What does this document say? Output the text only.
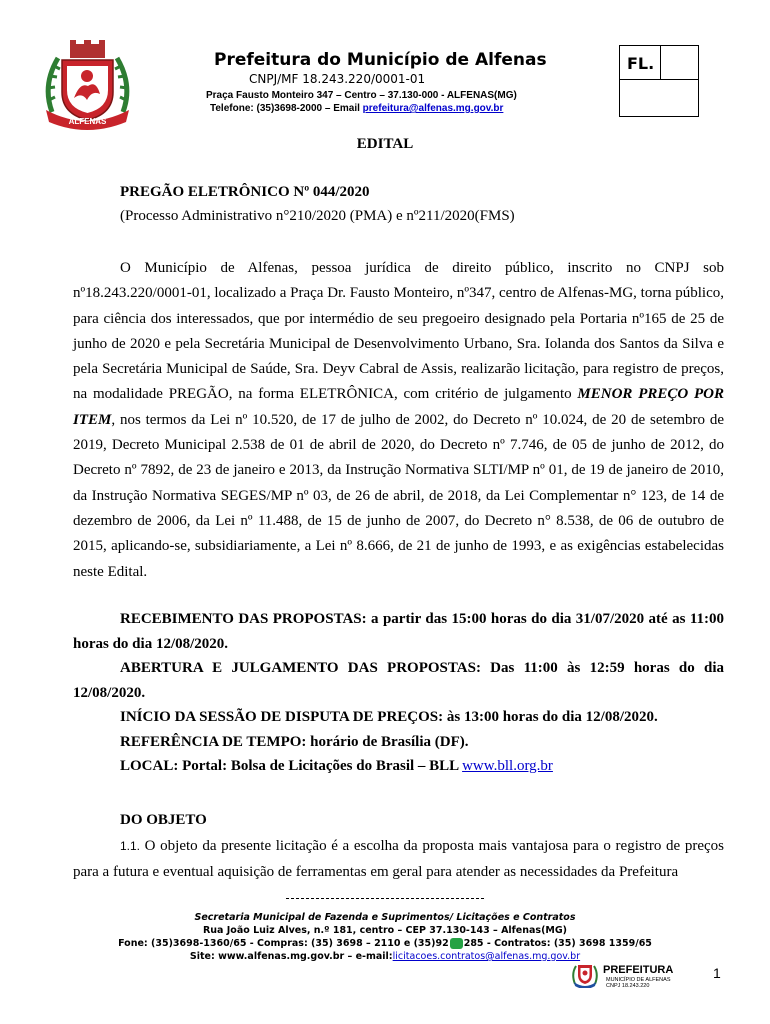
ALFENAS
Prefeitura do Município de Alfenas
CNPJ/MF 18.243.220/0001-01
Praça Fausto Monteiro 347 – Centro – 37.130-000 - ALFENAS(MG)
Telefone: (35)3698-2000 – Email prefeitura@alfenas.mg.gov.br
FL.
EDITAL
PREGÃO ELETRÔNICO Nº 044/2020
(Processo Administrativo n°210/2020 (PMA) e nº211/2020(FMS)

O Município de Alfenas, pessoa jurídica de direito público, inscrito no CNPJ sob nº18.243.220/0001-01, localizado a Praça Dr. Fausto Monteiro, nº347, centro de Alfenas-MG, torna público, para ciência dos interessados, que por intermédio de seu pregoeiro designado pela Portaria nº165 de 25 de junho de 2020 e pela Secretária Municipal de Desenvolvimento Urbano, Sra. Iolanda dos Santos da Silva e pela Secretária Municipal de Saúde, Sra. Deyv Cabral de Assis, realizarão licitação, para registro de preços, na modalidade PREGÃO, na forma ELETRÔNICA, com critério de julgamento MENOR PREÇO POR ITEM, nos termos da Lei nº 10.520, de 17 de julho de 2002, do Decreto nº 10.024, de 20 de setembro de 2019, Decreto Municipal 2.538 de 01 de abril de 2020, do Decreto nº 7.746, de 05 de junho de 2012, do Decreto nº 7892, de 23 de janeiro e 2013, da Instrução Normativa SLTI/MP nº 01, de 19 de janeiro de 2010, da Instrução Normativa SEGES/MP nº 03, de 26 de abril, de 2018, da Lei Complementar n° 123, de 14 de dezembro de 2006, da Lei nº 11.488, de 15 de junho de 2007, do Decreto n° 8.538, de 06 de outubro de 2015, aplicando-se, subsidiariamente, a Lei nº 8.666, de 21 de junho de 1993, e as exigências estabelecidas neste Edital.

RECEBIMENTO DAS PROPOSTAS: a partir das 15:00 horas do dia 31/07/2020 até as 11:00 horas do dia 12/08/2020.

ABERTURA E JULGAMENTO DAS PROPOSTAS: Das 11:00 às 12:59 horas do dia 12/08/2020.

INÍCIO DA SESSÃO DE DISPUTA DE PREÇOS: às 13:00 horas do dia 12/08/2020.

REFERÊNCIA DE TEMPO: horário de Brasília (DF).

LOCAL: Portal: Bolsa de Licitações do Brasil – BLL www.bll.org.br

DO OBJETO

1.1. O objeto da presente licitação é a escolha da proposta mais vantajosa para o registro de preços para a futura e eventual aquisição de ferramentas em geral para atender as necessidades da Prefeitura

Secretaria Municipal de Fazenda e Suprimentos/ Licitações e Contratos
Rua João Luiz Alves, n.º 181, centro – CEP 37.130-143 – Alfenas(MG)
Fone: (35)3698-1360/65 - Compras: (35) 3698 – 2110 e (35)92 285 - Contratos: (35) 3698 1359/65
Site: www.alfenas.mg.gov.br – e-mail:licitacoes.contratos@alfenas.mg.gov.br
PREFEITURA
MUNICÍPIO DE ALFENAS
CNPJ 18.243.220
1
